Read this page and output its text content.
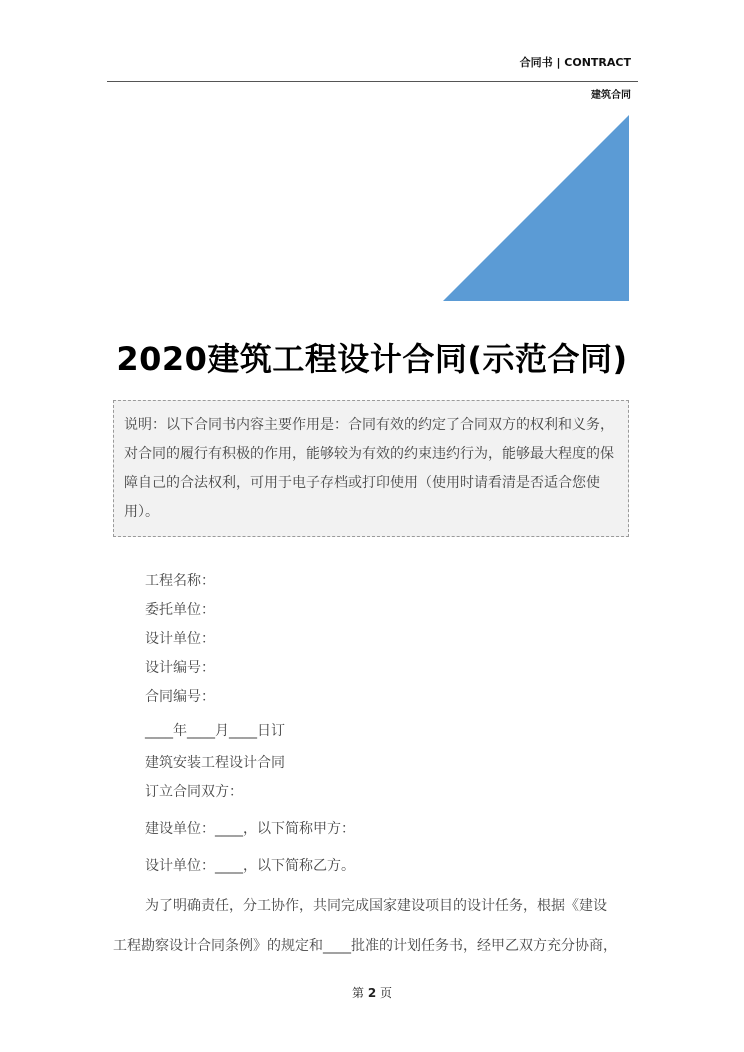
合同书 | CONTRACT
建筑合同
2020建筑工程设计合同(示范合同)
说明：以下合同书内容主要作用是：合同有效的约定了合同双方的权利和义务，对合同的履行有积极的作用，能够较为有效的约束违约行为，能够最大程度的保障自己的合法权利，可用于电子存档或打印使用（使用时请看清是否适合您使用）。
工程名称：
委托单位：
设计单位：
设计编号：
合同编号：
____年____月____日订
建筑安装工程设计合同
订立合同双方：
建设单位：____，以下简称甲方：
设计单位：____，以下简称乙方。
为了明确责任，分工协作，共同完成国家建设项目的设计任务，根据《建设
工程勘察设计合同条例》的规定和____批准的计划任务书，经甲乙双方充分协商，
第 2 页
